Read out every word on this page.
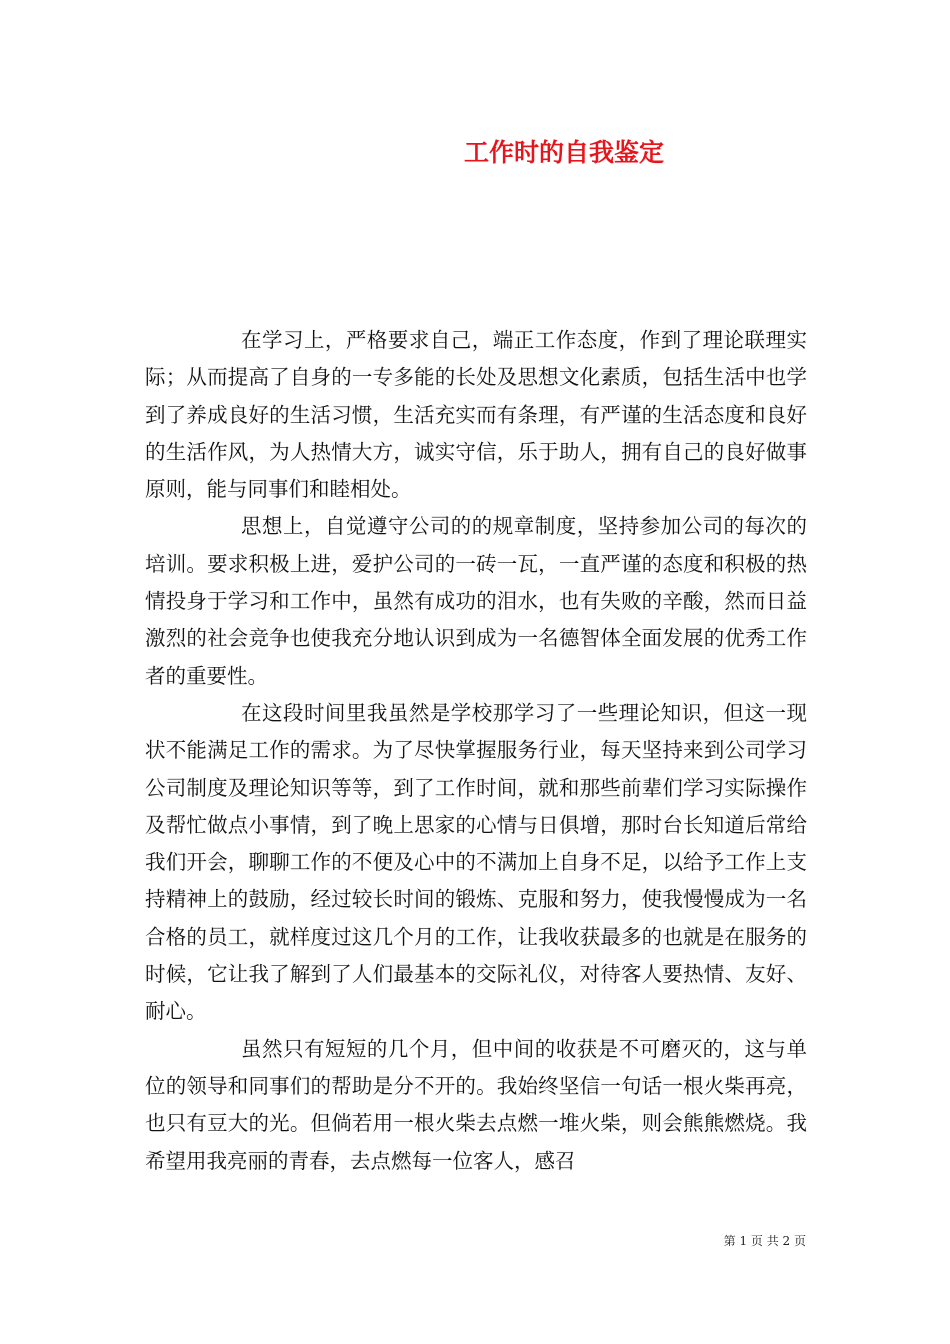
工作时的自我鉴定

在学习上，严格要求自己，端正工作态度，作到了理论联理实际；从而提高了自身的一专多能的长处及思想文化素质，包括生活中也学到了养成良好的生活习惯，生活充实而有条理，有严谨的生活态度和良好的生活作风，为人热情大方，诚实守信，乐于助人，拥有自己的良好做事原则，能与同事们和睦相处。

思想上，自觉遵守公司的的规章制度，坚持参加公司的每次的培训。要求积极上进，爱护公司的一砖一瓦，一直严谨的态度和积极的热情投身于学习和工作中，虽然有成功的泪水，也有失败的辛酸，然而日益激烈的社会竞争也使我充分地认识到成为一名德智体全面发展的优秀工作者的重要性。

在这段时间里我虽然是学校那学习了一些理论知识，但这一现状不能满足工作的需求。为了尽快掌握服务行业，每天坚持来到公司学习公司制度及理论知识等等，到了工作时间，就和那些前辈们学习实际操作及帮忙做点小事情，到了晚上思家的心情与日俱增，那时台长知道后常给我们开会，聊聊工作的不便及心中的不满加上自身不足，以给予工作上支持精神上的鼓励，经过较长时间的锻炼、克服和努力，使我慢慢成为一名合格的员工，就样度过这几个月的工作，让我收获最多的也就是在服务的时候，它让我了解到了人们最基本的交际礼仪，对待客人要热情、友好、耐心。

虽然只有短短的几个月，但中间的收获是不可磨灭的，这与单位的领导和同事们的帮助是分不开的。我始终坚信一句话一根火柴再亮，也只有豆大的光。但倘若用一根火柴去点燃一堆火柴，则会熊熊燃烧。我希望用我亮丽的青春，去点燃每一位客人，感召

第 1 页 共 2 页
